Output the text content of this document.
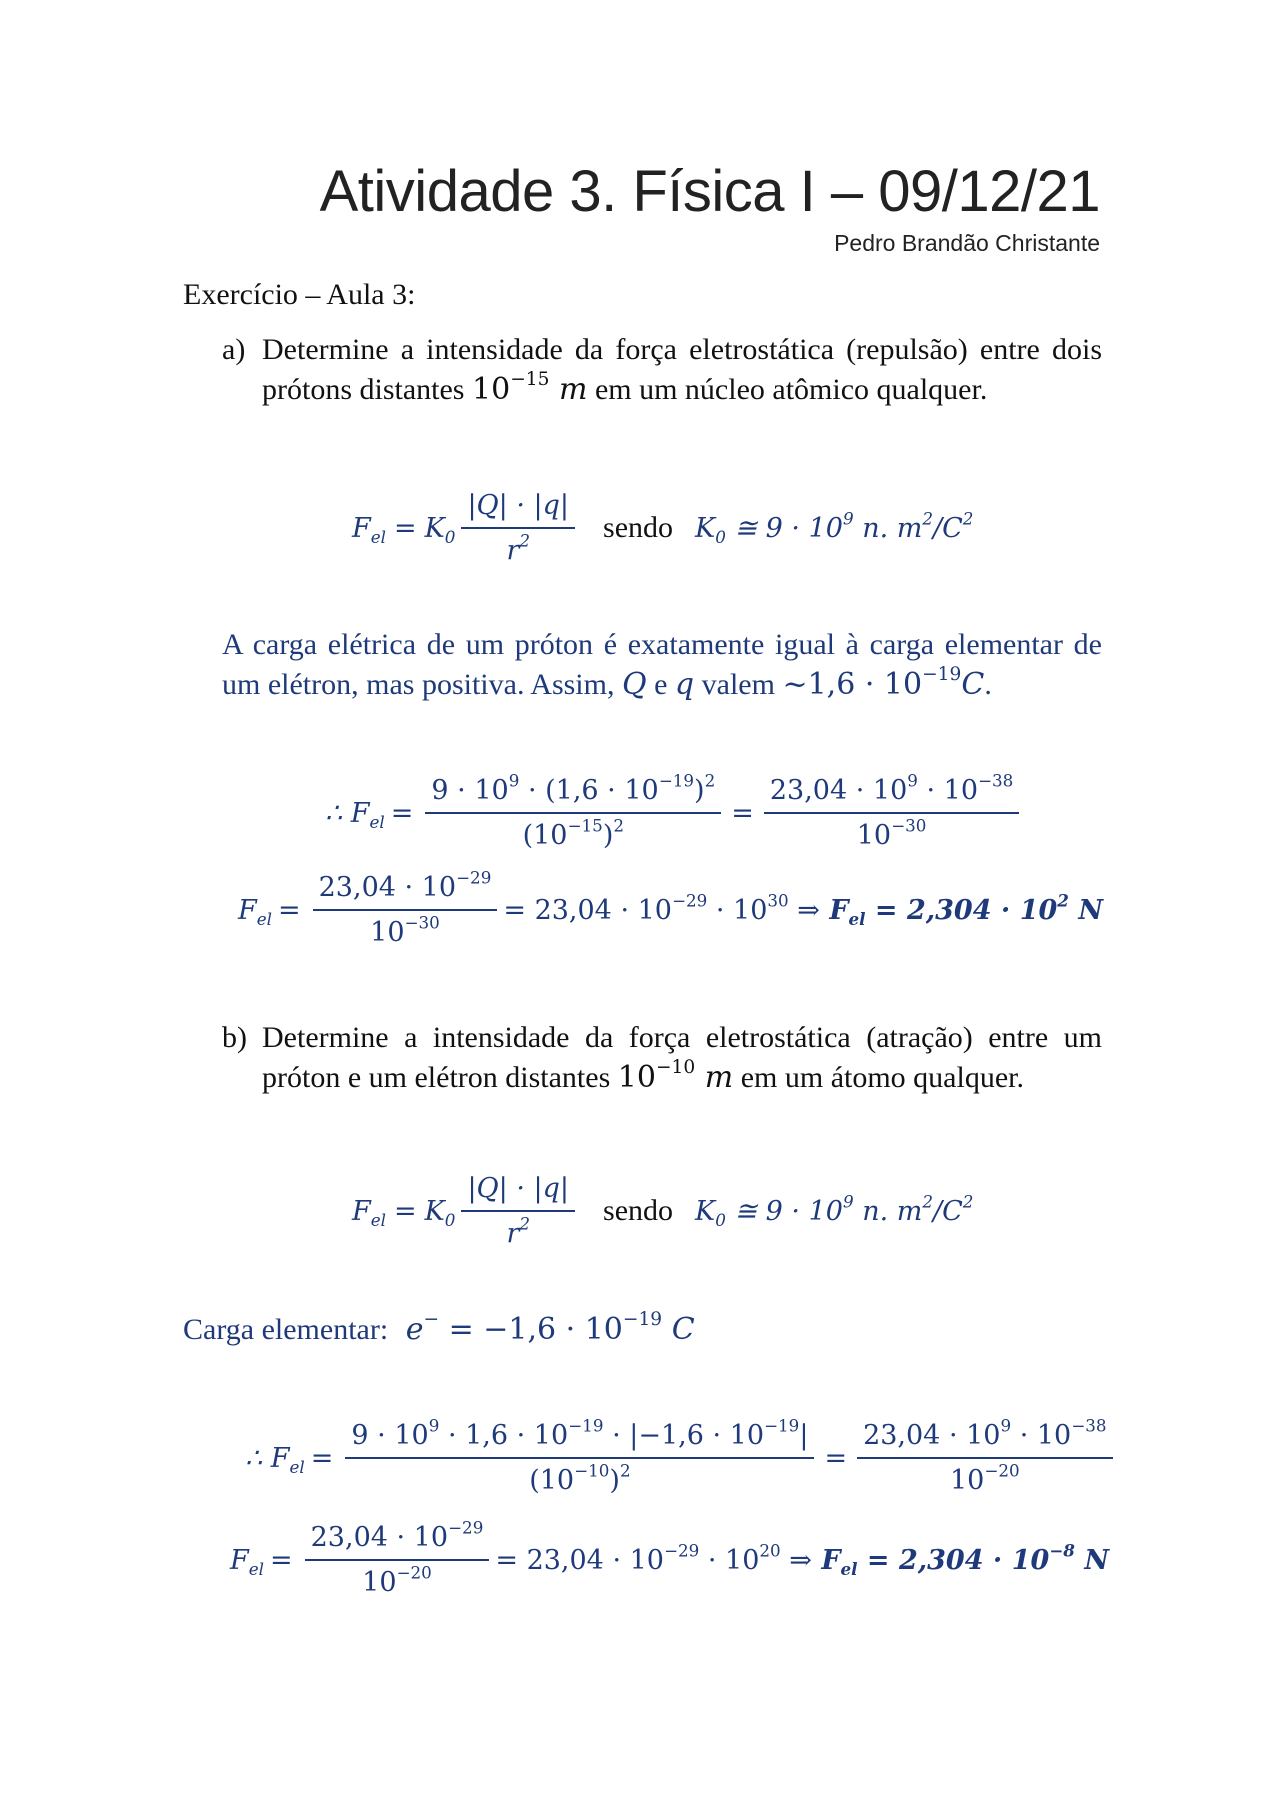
Atividade 3. Física I – 09/12/21
Pedro Brandão Christante
Exercício – Aula 3:
a) Determine a intensidade da força eletrostática (repulsão) entre dois prótons distantes $10^{-15}$ m em um núcleo atômico qualquer.
$F_{el} = K_0 \frac{|Q| \cdot |q|}{r^2}$ sendo $K_0$ ≅ $9 \cdot 10^9$ n. $m^2/C^2$
A carga elétrica de um próton é exatamente igual à carga elementar de um elétron, mas positiva. Assim, Q e q valem ~1,6 · $10^{-19}C$.
∴ $F_{el} = \frac{9 \cdot 10^9 \cdot (1,6 \cdot 10^{-19})^2}{(10^{-15})^2} = \frac{23,04 \cdot 10^9 \cdot 10^{-38}}{10^{-30}}$
$F_{el} = \frac{23,04 \cdot 10^{-29}}{10^{-30}} = 23,04 \cdot 10^{-29} \cdot 10^{30}$ ⇒ $F_{el} = 2,304 \cdot 10^2$ N
b) Determine a intensidade da força eletrostática (atração) entre um próton e um elétron distantes $10^{-10}$ m em um átomo qualquer.
$F_{el} = K_0 \frac{|Q| \cdot |q|}{r^2}$ sendo $K_0$ ≅ $9 \cdot 10^9$ n. $m^2/C^2$
Carga elementar: $e^- = -1,6 \cdot 10^{-19}$ C
∴ $F_{el} = \frac{9 \cdot 10^9 \cdot 1,6 \cdot 10^{-19} \cdot |-1,6 \cdot 10^{-19}|}{(10^{-10})^2} = \frac{23,04 \cdot 10^9 \cdot 10^{-38}}{10^{-20}}$
$F_{el} = \frac{23,04 \cdot 10^{-29}}{10^{-20}} = 23,04 \cdot 10^{-29} \cdot 10^{20}$ ⇒ $F_{el} = 2,304 \cdot 10^{-8}$ N
